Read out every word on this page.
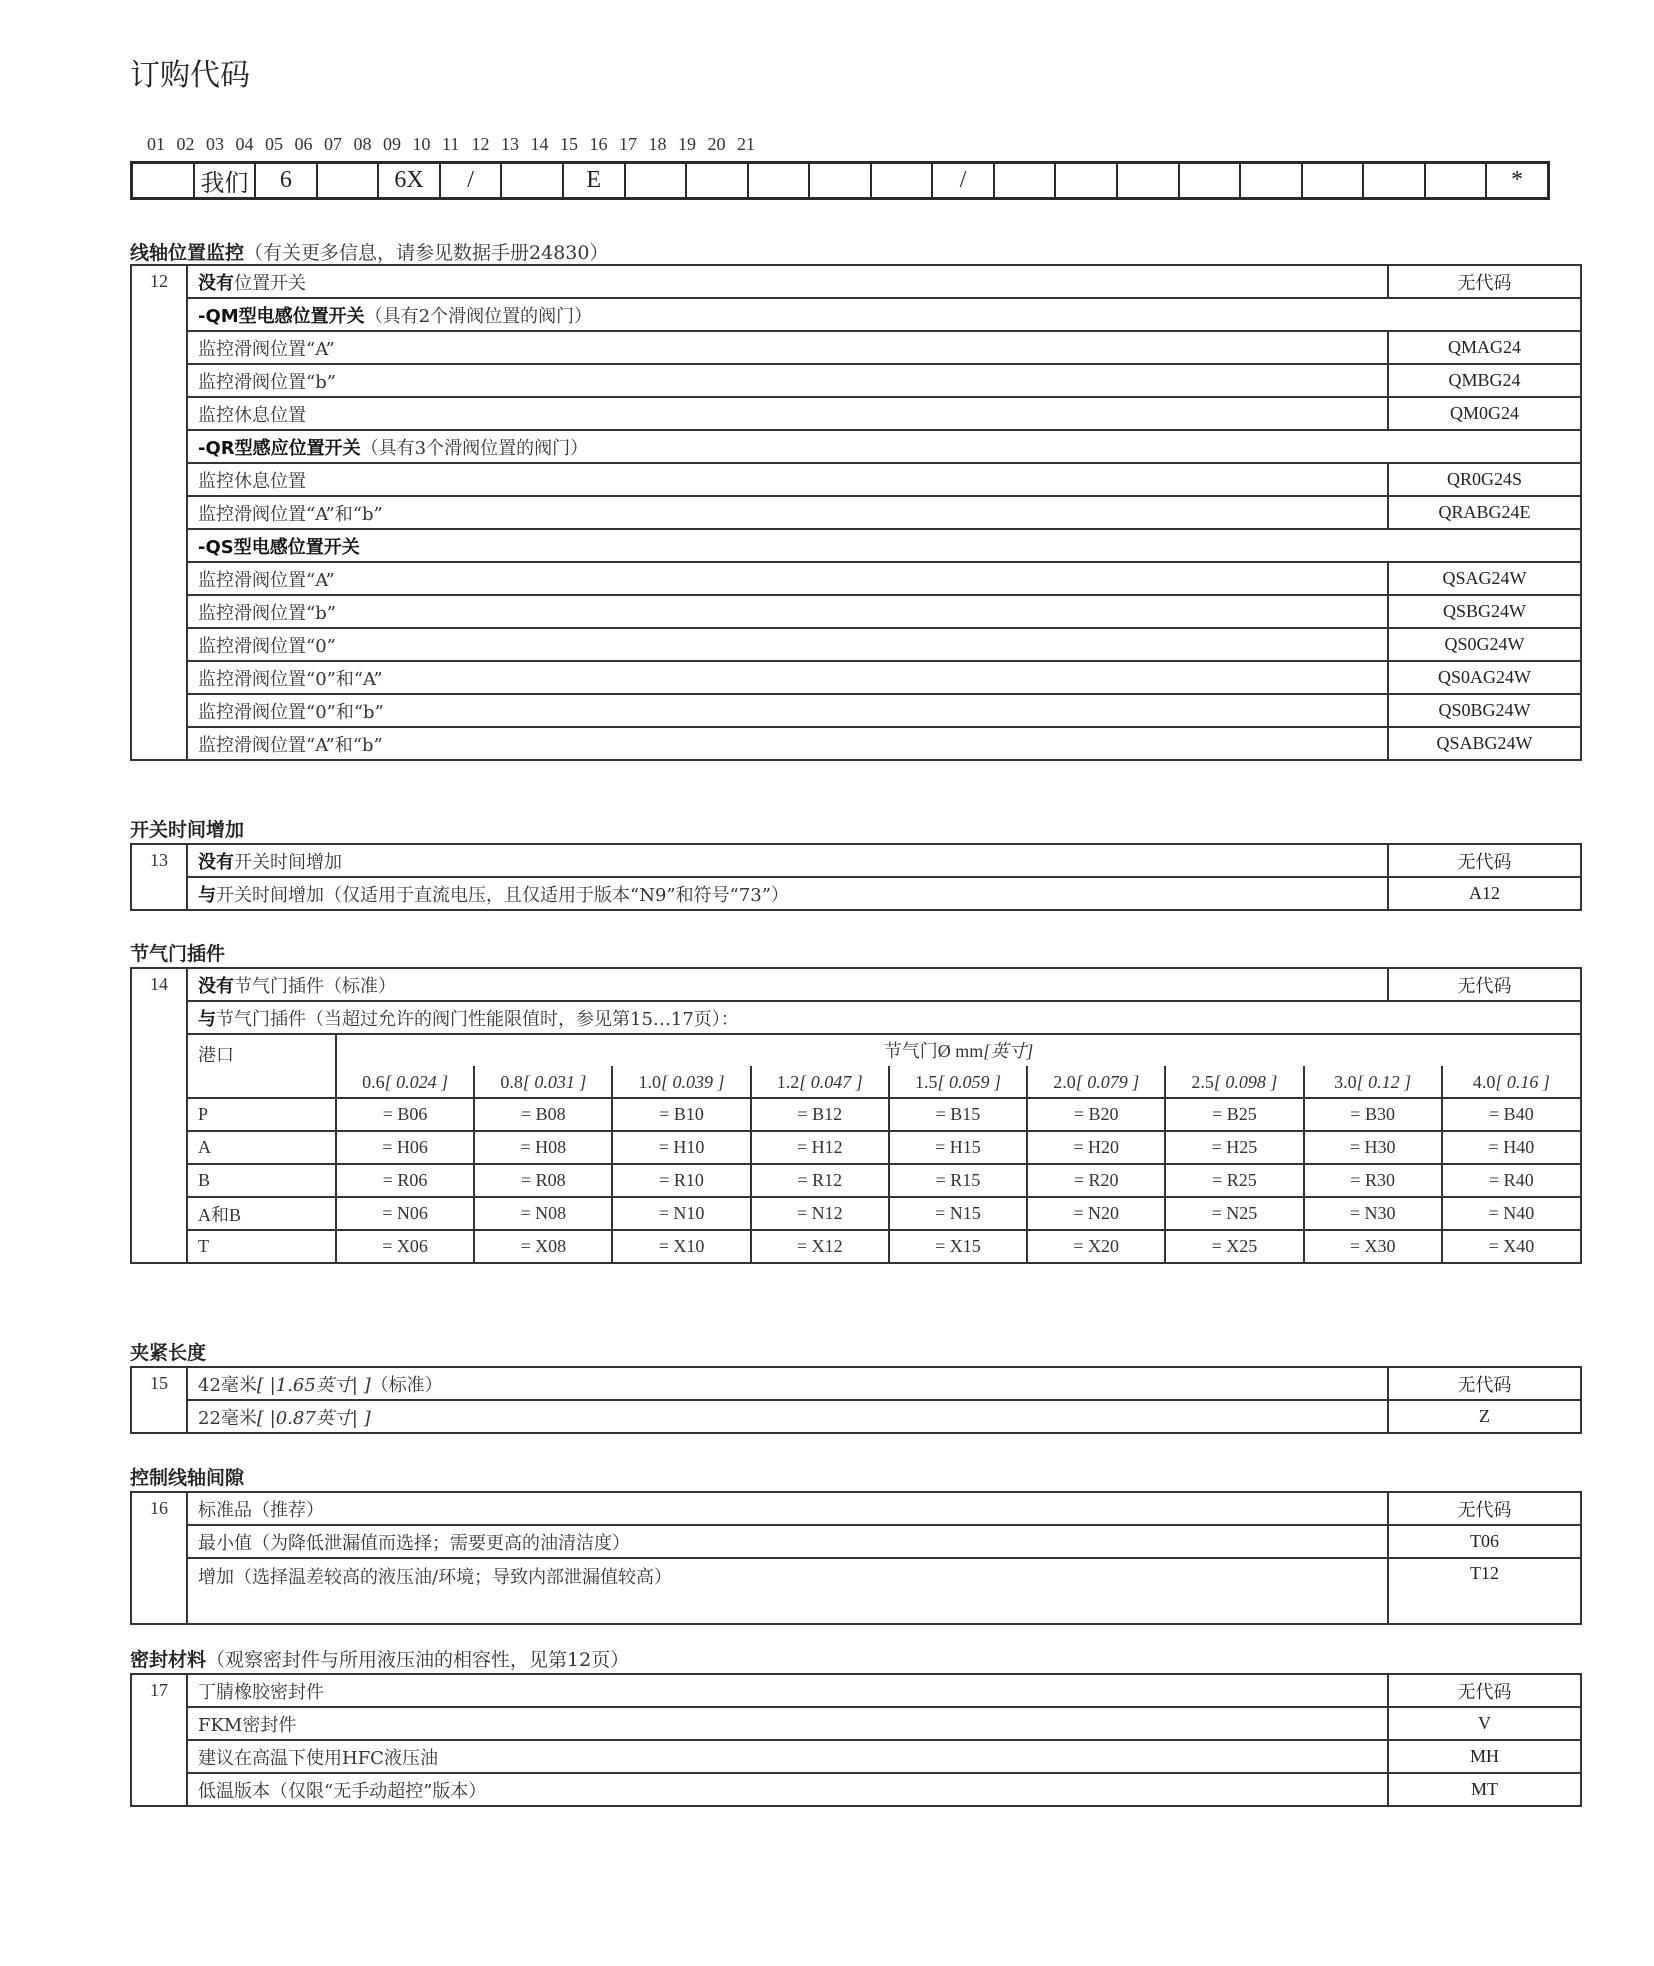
订购代码
01 02 03 04 05 06 07 08 09 10 11 12 13 14 15 16 17 18 19 20 21
我们	6	6X	/	E	/	*
线轴位置监控（有关更多信息，请参见数据手册24830）
12	没有位置开关	无代码
	-QM型电感位置开关（具有2个滑阀位置的阀门）	
	监控滑阀位置“A”	QMAG24
	监控滑阀位置“b”	QMBG24
	监控休息位置	QM0G24
	-QR型感应位置开关（具有3个滑阀位置的阀门）	
	监控休息位置	QR0G24S
	监控滑阀位置“A”和“b”	QRABG24E
	-QS型电感位置开关	
	监控滑阀位置“A”	QSAG24W
	监控滑阀位置“b”	QSBG24W
	监控滑阀位置“0”	QS0G24W
	监控滑阀位置“0”和“A”	QS0AG24W
	监控滑阀位置“0”和“b”	QS0BG24W
	监控滑阀位置“A”和“b”	QSABG24W
开关时间增加
13	没有开关时间增加	无代码
	与开关时间增加（仅适用于直流电压，且仅适用于版本“N9”和符号“73”）	A12
节气门插件
14	没有节气门插件（标准）	无代码
与节气门插件（当超过允许的阀门性能限值时，参见第15…17页）：

港口	节气门Ø mm[英寸]
0.6[ 0.024 ]	0.8[ 0.031 ]	1.0[ 0.039 ]	1.2[ 0.047 ]	1.5[ 0.059 ]	2.0[ 0.079 ]	2.5[ 0.098 ]	3.0[ 0.12 ]	4.0[ 0.16 ]
P	= B06	= B08	= B10	= B12	= B15	= B20	= B25	= B30	= B40
A	= H06	= H08	= H10	= H12	= H15	= H20	= H25	= H30	= H40
B	= R06	= R08	= R10	= R12	= R15	= R20	= R25	= R30	= R40
A和B	= N06	= N08	= N10	= N12	= N15	= N20	= N25	= N30	= N40
T	= X06	= X08	= X10	= X12	= X15	= X20	= X25	= X30	= X40
夹紧长度
15	42毫米[ |1.65英寸| ]（标准）	无代码
	22毫米[ |0.87英寸| ]	Z
控制线轴间隙
16	标准品（推荐）	无代码
	最小值（为降低泄漏值而选择；需要更高的油清洁度）	T06
	增加（选择温差较高的液压油/环境；导致内部泄漏值较高）	T12
密封材料（观察密封件与所用液压油的相容性，见第12页）
17	丁腈橡胶密封件	无代码
	FKM密封件	V
	建议在高温下使用HFC液压油	MH
	低温版本（仅限“无手动超控”版本）	MT
